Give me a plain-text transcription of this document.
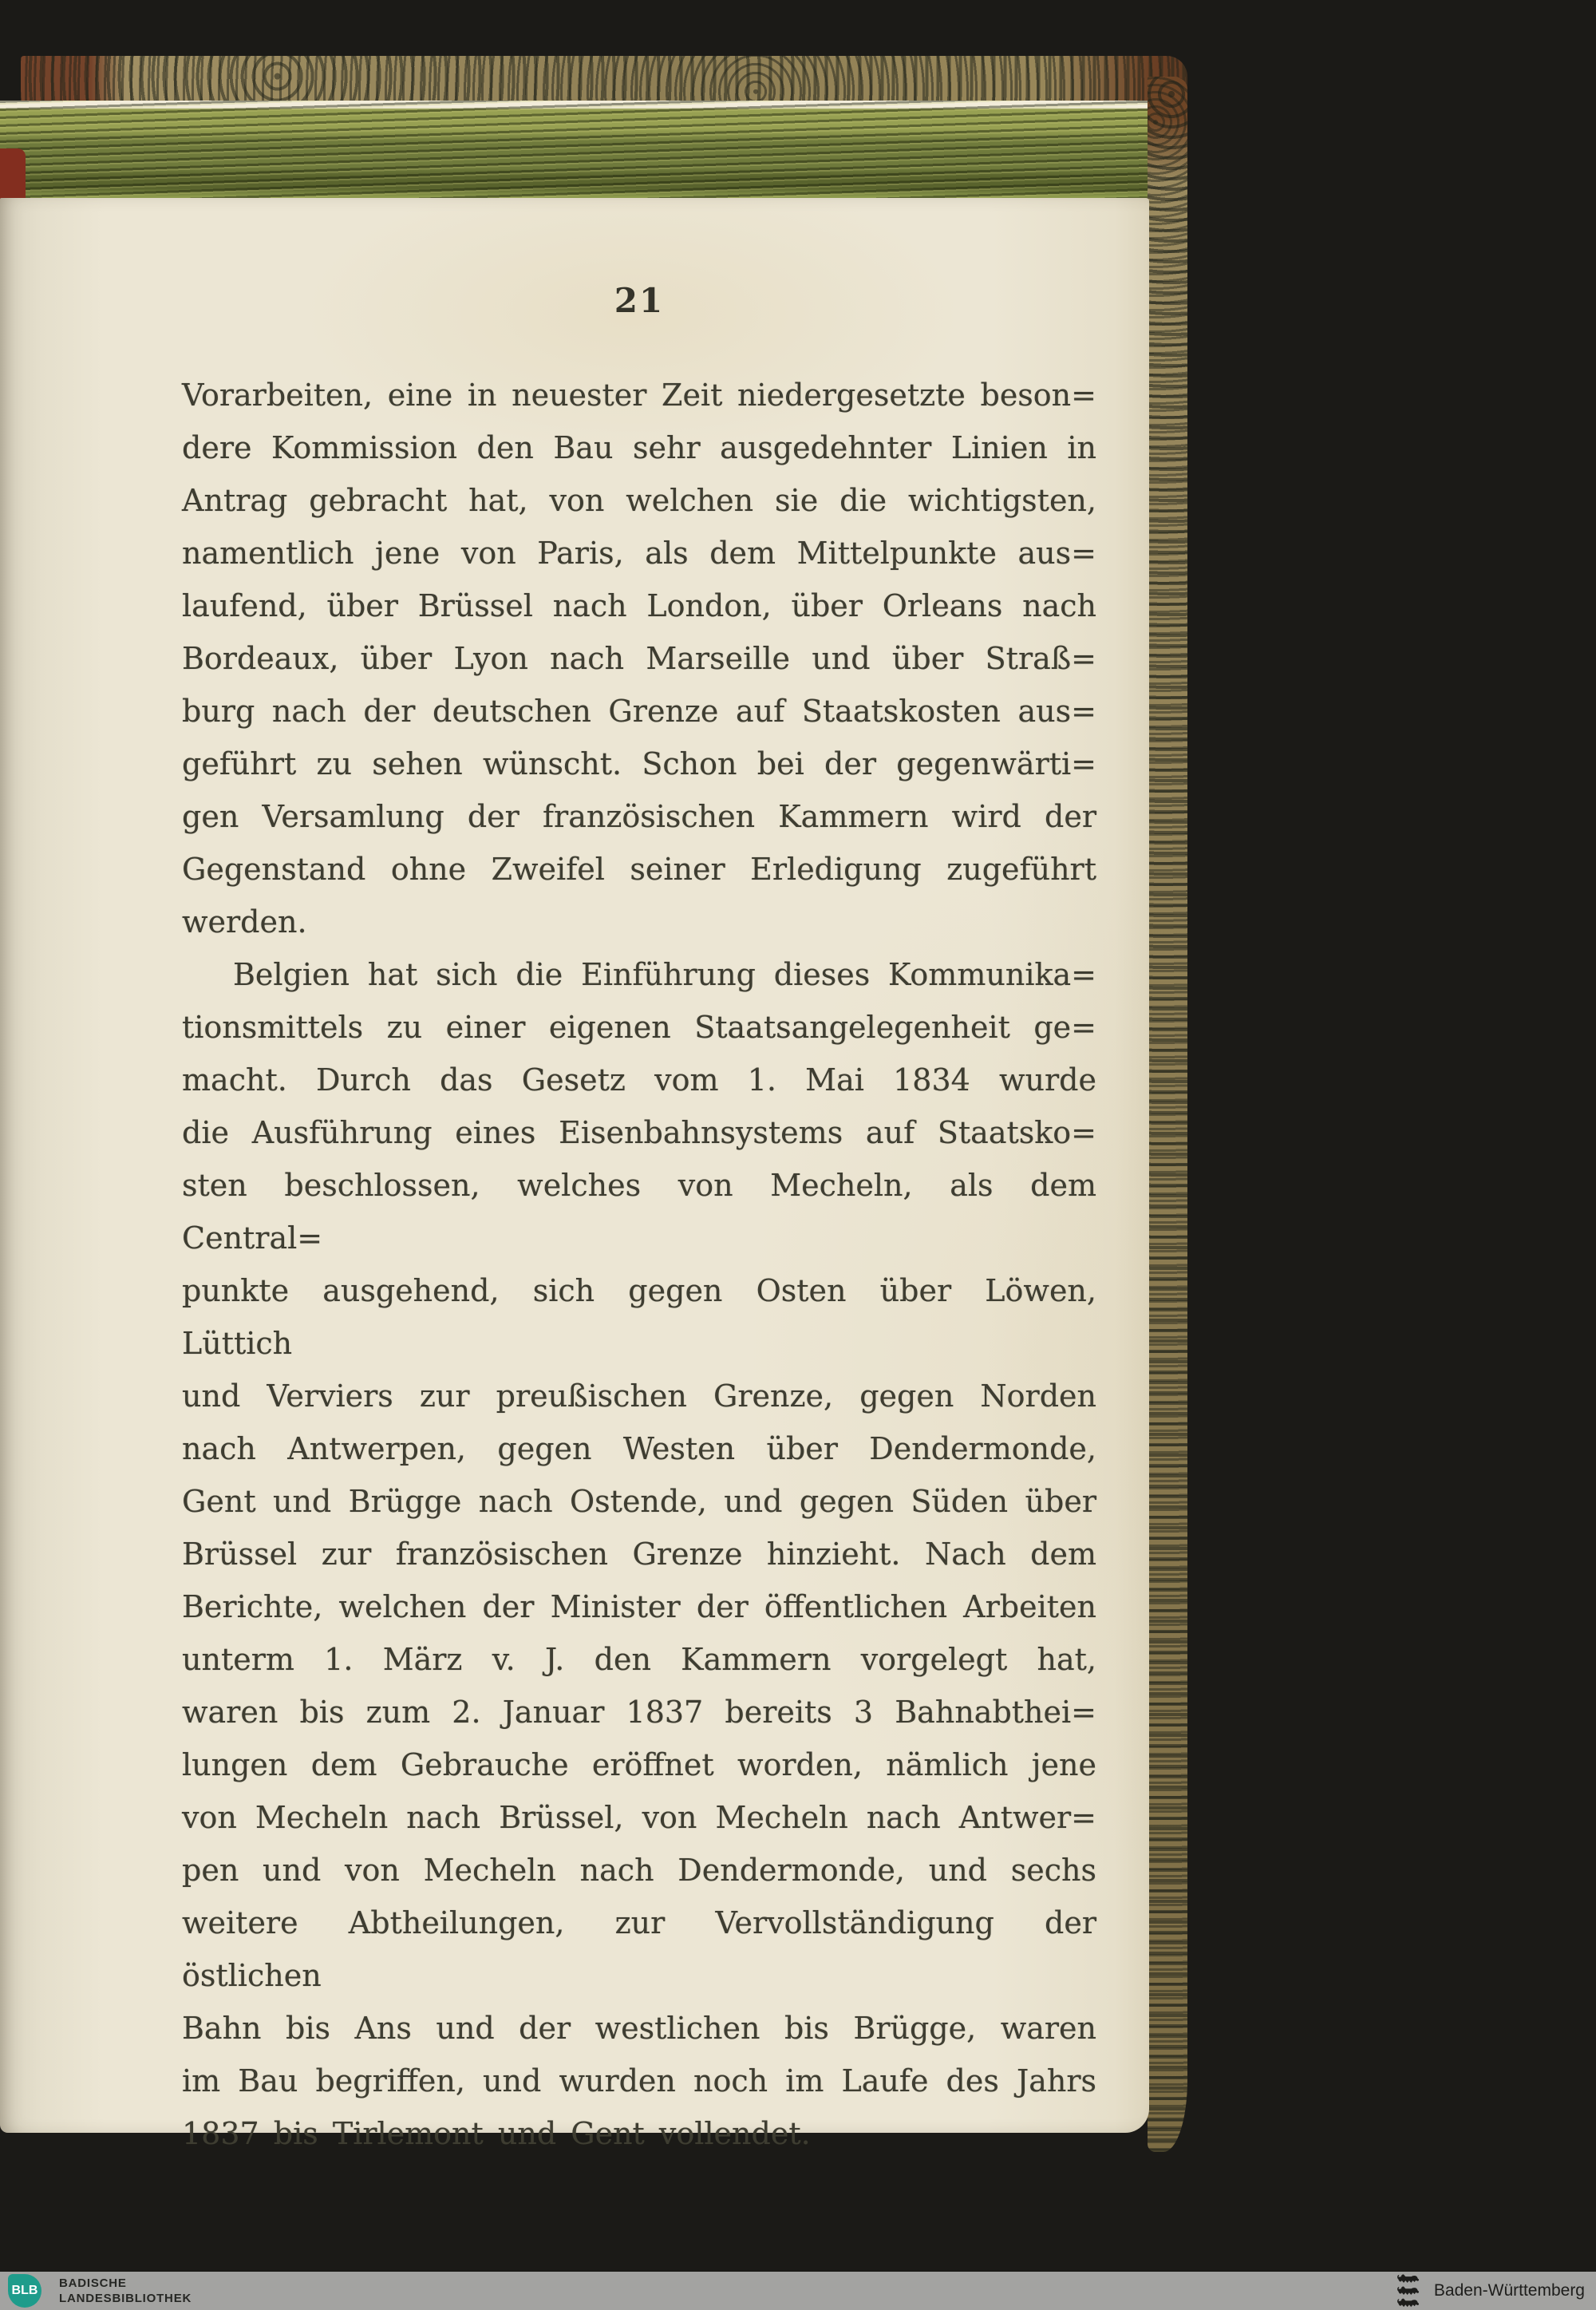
21
Vorarbeiten, eine in neuester Zeit niedergesetzte beson=
dere Kommission den Bau sehr ausgedehnter Linien in
Antrag gebracht hat, von welchen sie die wichtigsten,
namentlich jene von Paris, als dem Mittelpunkte aus=
laufend, über Brüssel nach London, über Orleans nach
Bordeaux, über Lyon nach Marseille und über Straß=
burg nach der deutschen Grenze auf Staatskosten aus=
geführt zu sehen wünscht. Schon bei der gegenwärti=
gen Versamlung der französischen Kammern wird der
Gegenstand ohne Zweifel seiner Erledigung zugeführt
werden.
Belgien hat sich die Einführung dieses Kommunika=
tionsmittels zu einer eigenen Staatsangelegenheit ge=
macht. Durch das Gesetz vom 1. Mai 1834 wurde
die Ausführung eines Eisenbahnsystems auf Staatsko=
sten beschlossen, welches von Mecheln, als dem Central=
punkte ausgehend, sich gegen Osten über Löwen, Lüttich
und Verviers zur preußischen Grenze, gegen Norden
nach Antwerpen, gegen Westen über Dendermonde,
Gent und Brügge nach Ostende, und gegen Süden über
Brüssel zur französischen Grenze hinzieht. Nach dem
Berichte, welchen der Minister der öffentlichen Arbeiten
unterm 1. März v. J. den Kammern vorgelegt hat,
waren bis zum 2. Januar 1837 bereits 3 Bahnabthei=
lungen dem Gebrauche eröffnet worden, nämlich jene
von Mecheln nach Brüssel, von Mecheln nach Antwer=
pen und von Mecheln nach Dendermonde, und sechs
weitere Abtheilungen, zur Vervollständigung der östlichen
Bahn bis Ans und der westlichen bis Brügge, waren
im Bau begriffen, und wurden noch im Laufe des Jahrs
1837 bis Tirlemont und Gent vollendet.
BLB
BADISCHE
LANDESBIBLIOTHEK	Baden-Württemberg
